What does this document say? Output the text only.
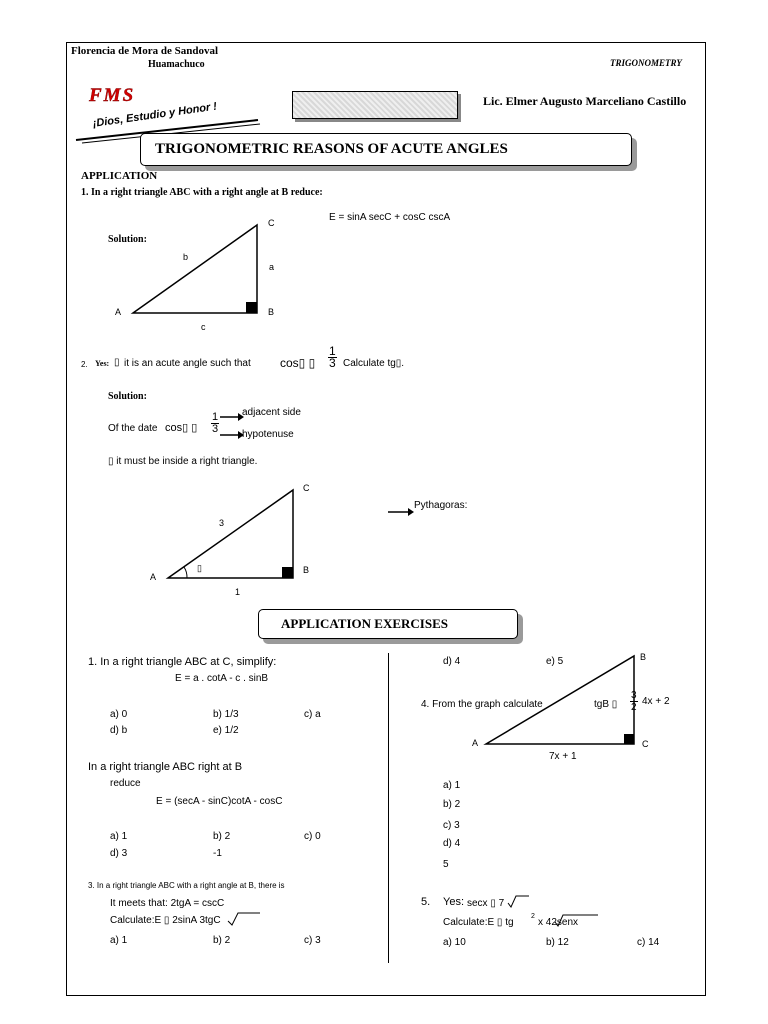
Florencia de Mora de Sandoval
Huamachuco	TRIGONOMETRY
FMS
¡Dios, Estudio y Honor !	Lic. Elmer Augusto Marceliano Castillo
TRIGONOMETRIC REASONS OF ACUTE ANGLES
APPLICATION
1. In a right triangle ABC with a right angle at B reduce:
E = sinA secC + cosC cscA
Solution:
A	B
C
a
b
c
2. Yes: ▯ it is an acute angle such that cos▯ ▯ $\frac{1}{3}$ Calculate tg▯.
Solution:
Of the date cos▯ ▯ $\frac{1}{3}$ adjacent side
hypotenuse
▯ it must be inside a right triangle.
A
B
C
3
1
▯
Pythagoras:
APPLICATION EXERCISES
1. In a right triangle ABC at C, simplify:
E = a . cotA - c . sinB
a) 0	b) 1/3	c) a
d) b	e) 1/2
In a right triangle ABC right at B
reduce
E = (secA - sinC)cotA - cosC
a) 1	b) 2	c) 0
d) 3	-1
3. In a right triangle ABC with a right angle at B, there is
It meets that: 2tgA = cscC
Calculate:E ▯ 2sinA 3tgC
a) 1	b) 2	c) 3
d) 4	e) 5
4. From the graph calculate	tgB ▯ $\frac{3}{2}$
B
A	C
4x + 2
7x + 1
a) 1
b) 2
c) 3
d) 4
5
5. Yes: secx ▯ 7
Calculate:E ▯ tg
2
x 42senx
a) 10	b) 12	c) 14
